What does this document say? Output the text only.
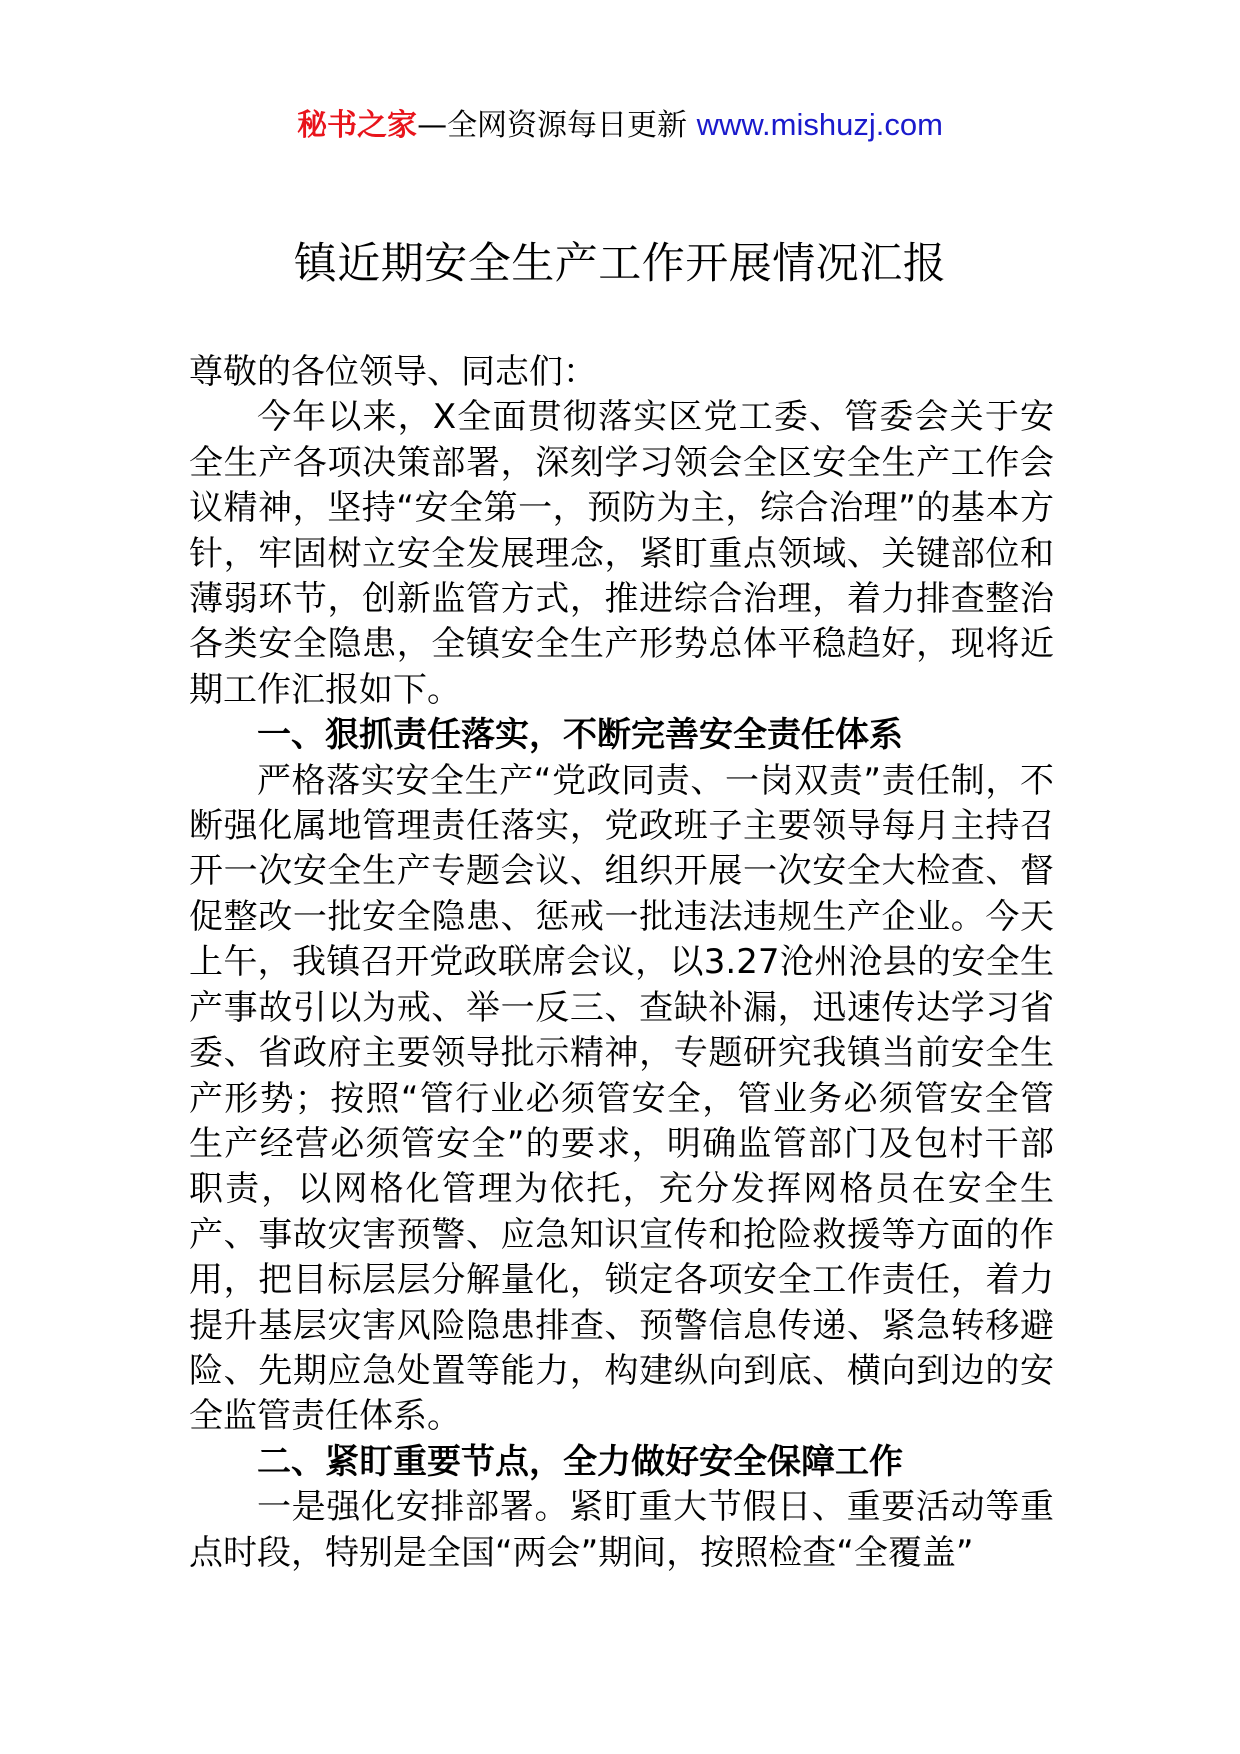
秘书之家—全网资源每日更新 www.mishuzj.com
镇近期安全生产工作开展情况汇报

尊敬的各位领导、同志们：

今年以来，X全面贯彻落实区党工委、管委会关于安全生产各项决策部署，深刻学习领会全区安全生产工作会议精神，坚持“安全第一，预防为主，综合治理”的基本方针，牢固树立安全发展理念，紧盯重点领域、关键部位和薄弱环节，创新监管方式，推进综合治理，着力排查整治各类安全隐患，全镇安全生产形势总体平稳趋好，现将近期工作汇报如下。

一、狠抓责任落实，不断完善安全责任体系

严格落实安全生产“党政同责、一岗双责”责任制，不断强化属地管理责任落实，党政班子主要领导每月主持召开一次安全生产专题会议、组织开展一次安全大检查、督促整改一批安全隐患、惩戒一批违法违规生产企业。今天上午，我镇召开党政联席会议，以3.27沧州沧县的安全生产事故引以为戒、举一反三、查缺补漏，迅速传达学习省委、省政府主要领导批示精神，专题研究我镇当前安全生产形势；按照“管行业必须管安全，管业务必须管安全管生产经营必须管安全”的要求，明确监管部门及包村干部职责，以网格化管理为依托，充分发挥网格员在安全生产、事故灾害预警、应急知识宣传和抢险救援等方面的作用，把目标层层分解量化，锁定各项安全工作责任，着力提升基层灾害风险隐患排查、预警信息传递、紧急转移避险、先期应急处置等能力，构建纵向到底、横向到边的安全监管责任体系。

二、紧盯重要节点，全力做好安全保障工作

一是强化安排部署。紧盯重大节假日、重要活动等重点时段，特别是全国“两会”期间，按照检查“全覆盖”
